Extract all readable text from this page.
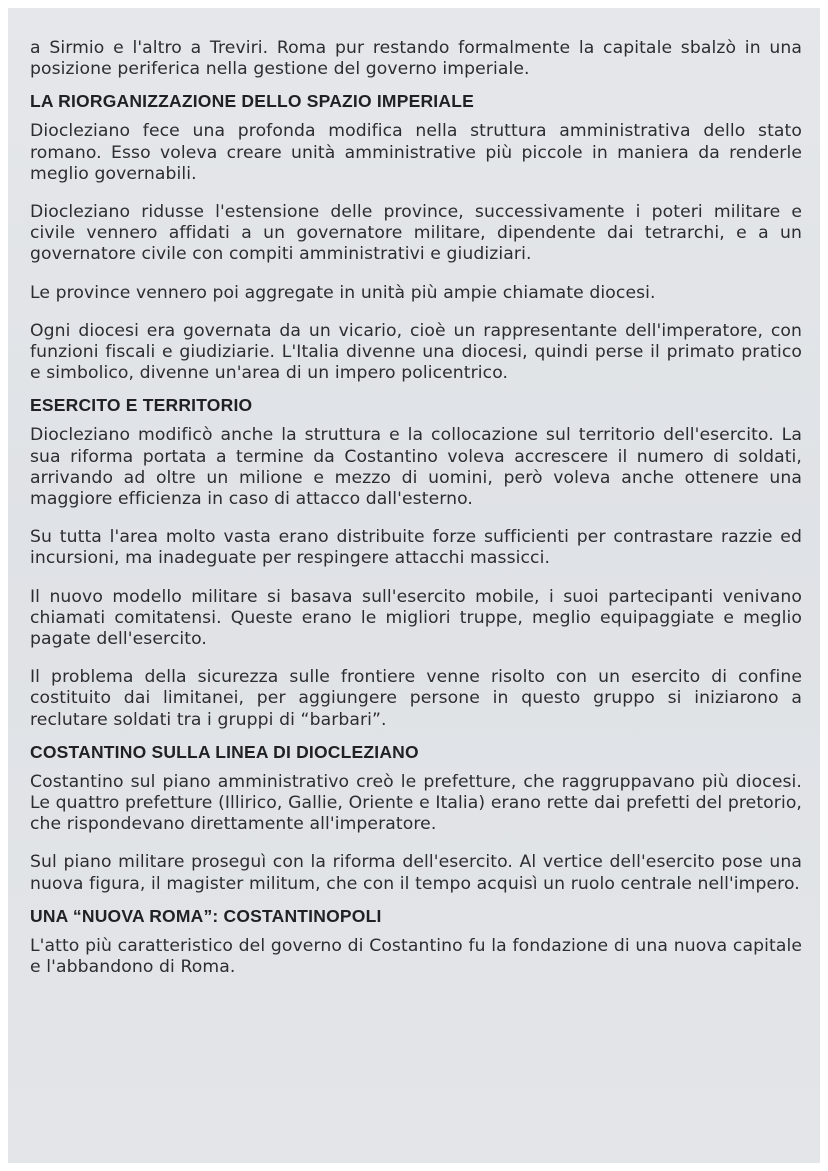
a Sirmio e l'altro a Treviri. Roma pur restando formalmente la capitale sbalzò in una posizione periferica nella gestione del governo imperiale.

LA RIORGANIZZAZIONE DELLO SPAZIO IMPERIALE

Diocleziano fece una profonda modifica nella struttura amministrativa dello stato romano. Esso voleva creare unità amministrative più piccole in maniera da renderle meglio governabili.

Diocleziano ridusse l'estensione delle province, successivamente i poteri militare e civile vennero affidati a un governatore militare, dipendente dai tetrarchi, e a un governatore civile con compiti amministrativi e giudiziari.

Le province vennero poi aggregate in unità più ampie chiamate diocesi.

Ogni diocesi era governata da un vicario, cioè un rappresentante dell'imperatore, con funzioni fiscali e giudiziarie. L'Italia divenne una diocesi, quindi perse il primato pratico e simbolico, divenne un'area di un impero policentrico.

ESERCITO E TERRITORIO

Diocleziano modificò anche la struttura e la collocazione sul territorio dell'esercito. La sua riforma portata a termine da Costantino voleva accrescere il numero di soldati, arrivando ad oltre un milione e mezzo di uomini, però voleva anche ottenere una maggiore efficienza in caso di attacco dall'esterno.

Su tutta l'area molto vasta erano distribuite forze sufficienti per contrastare razzie ed incursioni, ma inadeguate per respingere attacchi massicci.

Il nuovo modello militare si basava sull'esercito mobile, i suoi partecipanti venivano chiamati comitatensi. Queste erano le migliori truppe, meglio equipaggiate e meglio pagate dell'esercito.

Il problema della sicurezza sulle frontiere venne risolto con un esercito di confine costituito dai limitanei, per aggiungere persone in questo gruppo si iniziarono a reclutare soldati tra i gruppi di “barbari”.

COSTANTINO SULLA LINEA DI DIOCLEZIANO

Costantino sul piano amministrativo creò le prefetture, che raggruppavano più diocesi. Le quattro prefetture (Illirico, Gallie, Oriente e Italia) erano rette dai prefetti del pretorio, che rispondevano direttamente all'imperatore.

Sul piano militare proseguì con la riforma dell'esercito. Al vertice dell'esercito pose una nuova figura, il magister militum, che con il tempo acquisì un ruolo centrale nell'impero.

UNA “NUOVA ROMA”: COSTANTINOPOLI

L'atto più caratteristico del governo di Costantino fu la fondazione di una nuova capitale e l'abbandono di Roma.
